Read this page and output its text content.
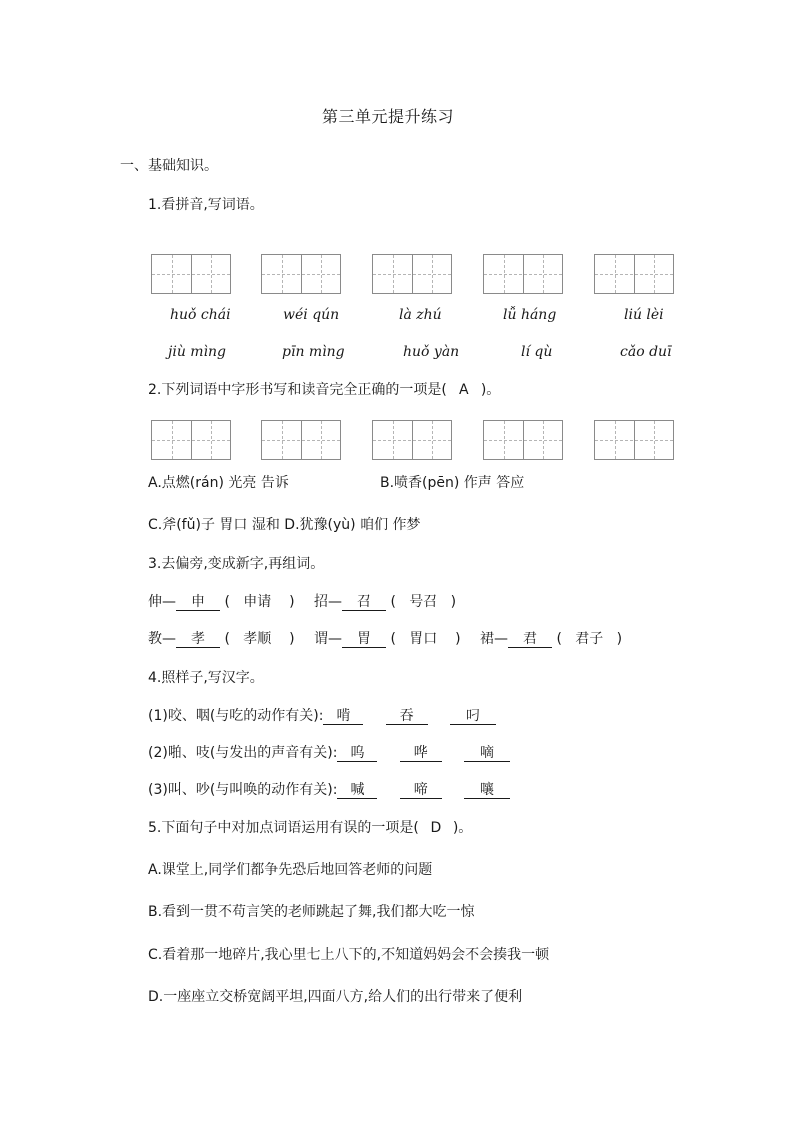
第三单元提升练习
一、基础知识。
1.看拼音,写词语。
huǒ chái	wéi qún	là zhú	lǚ háng	liú lèi
jiù mìng	pīn mìng	huǒ yàn	lí qù	cǎo duī
2.下列词语中字形书写和读音完全正确的一项是( A )。
A.点燃(rán) 光亮 告诉	B.喷香(pēn) 作声 答应
C.斧(fǔ)子 胃口 湿和 D.犹豫(yù) 咱们 作梦
3.去偏旁,变成新字,再组词。
伸— 申 ( 申请 ) 招— 召 ( 号召 )
教— 孝 ( 孝顺 ) 谓— 胃 ( 胃口 ) 裙— 君 ( 君子 )
4.照样子,写汉字。
(1)咬、咽(与吃的动作有关): 啃	吞	叼
(2)啪、吱(与发出的声音有关): 呜	哗	嘀
(3)叫、吵(与叫唤的动作有关): 喊	啼	嚷
5.下面句子中对加点词语运用有误的一项是( D )。
A.课堂上,同学们都争先恐后地回答老师的问题
B.看到一贯不苟言笑的老师跳起了舞,我们都大吃一惊
C.看着那一地碎片,我心里七上八下的,不知道妈妈会不会揍我一顿
D.一座座立交桥宽阔平坦,四面八方,给人们的出行带来了便利
